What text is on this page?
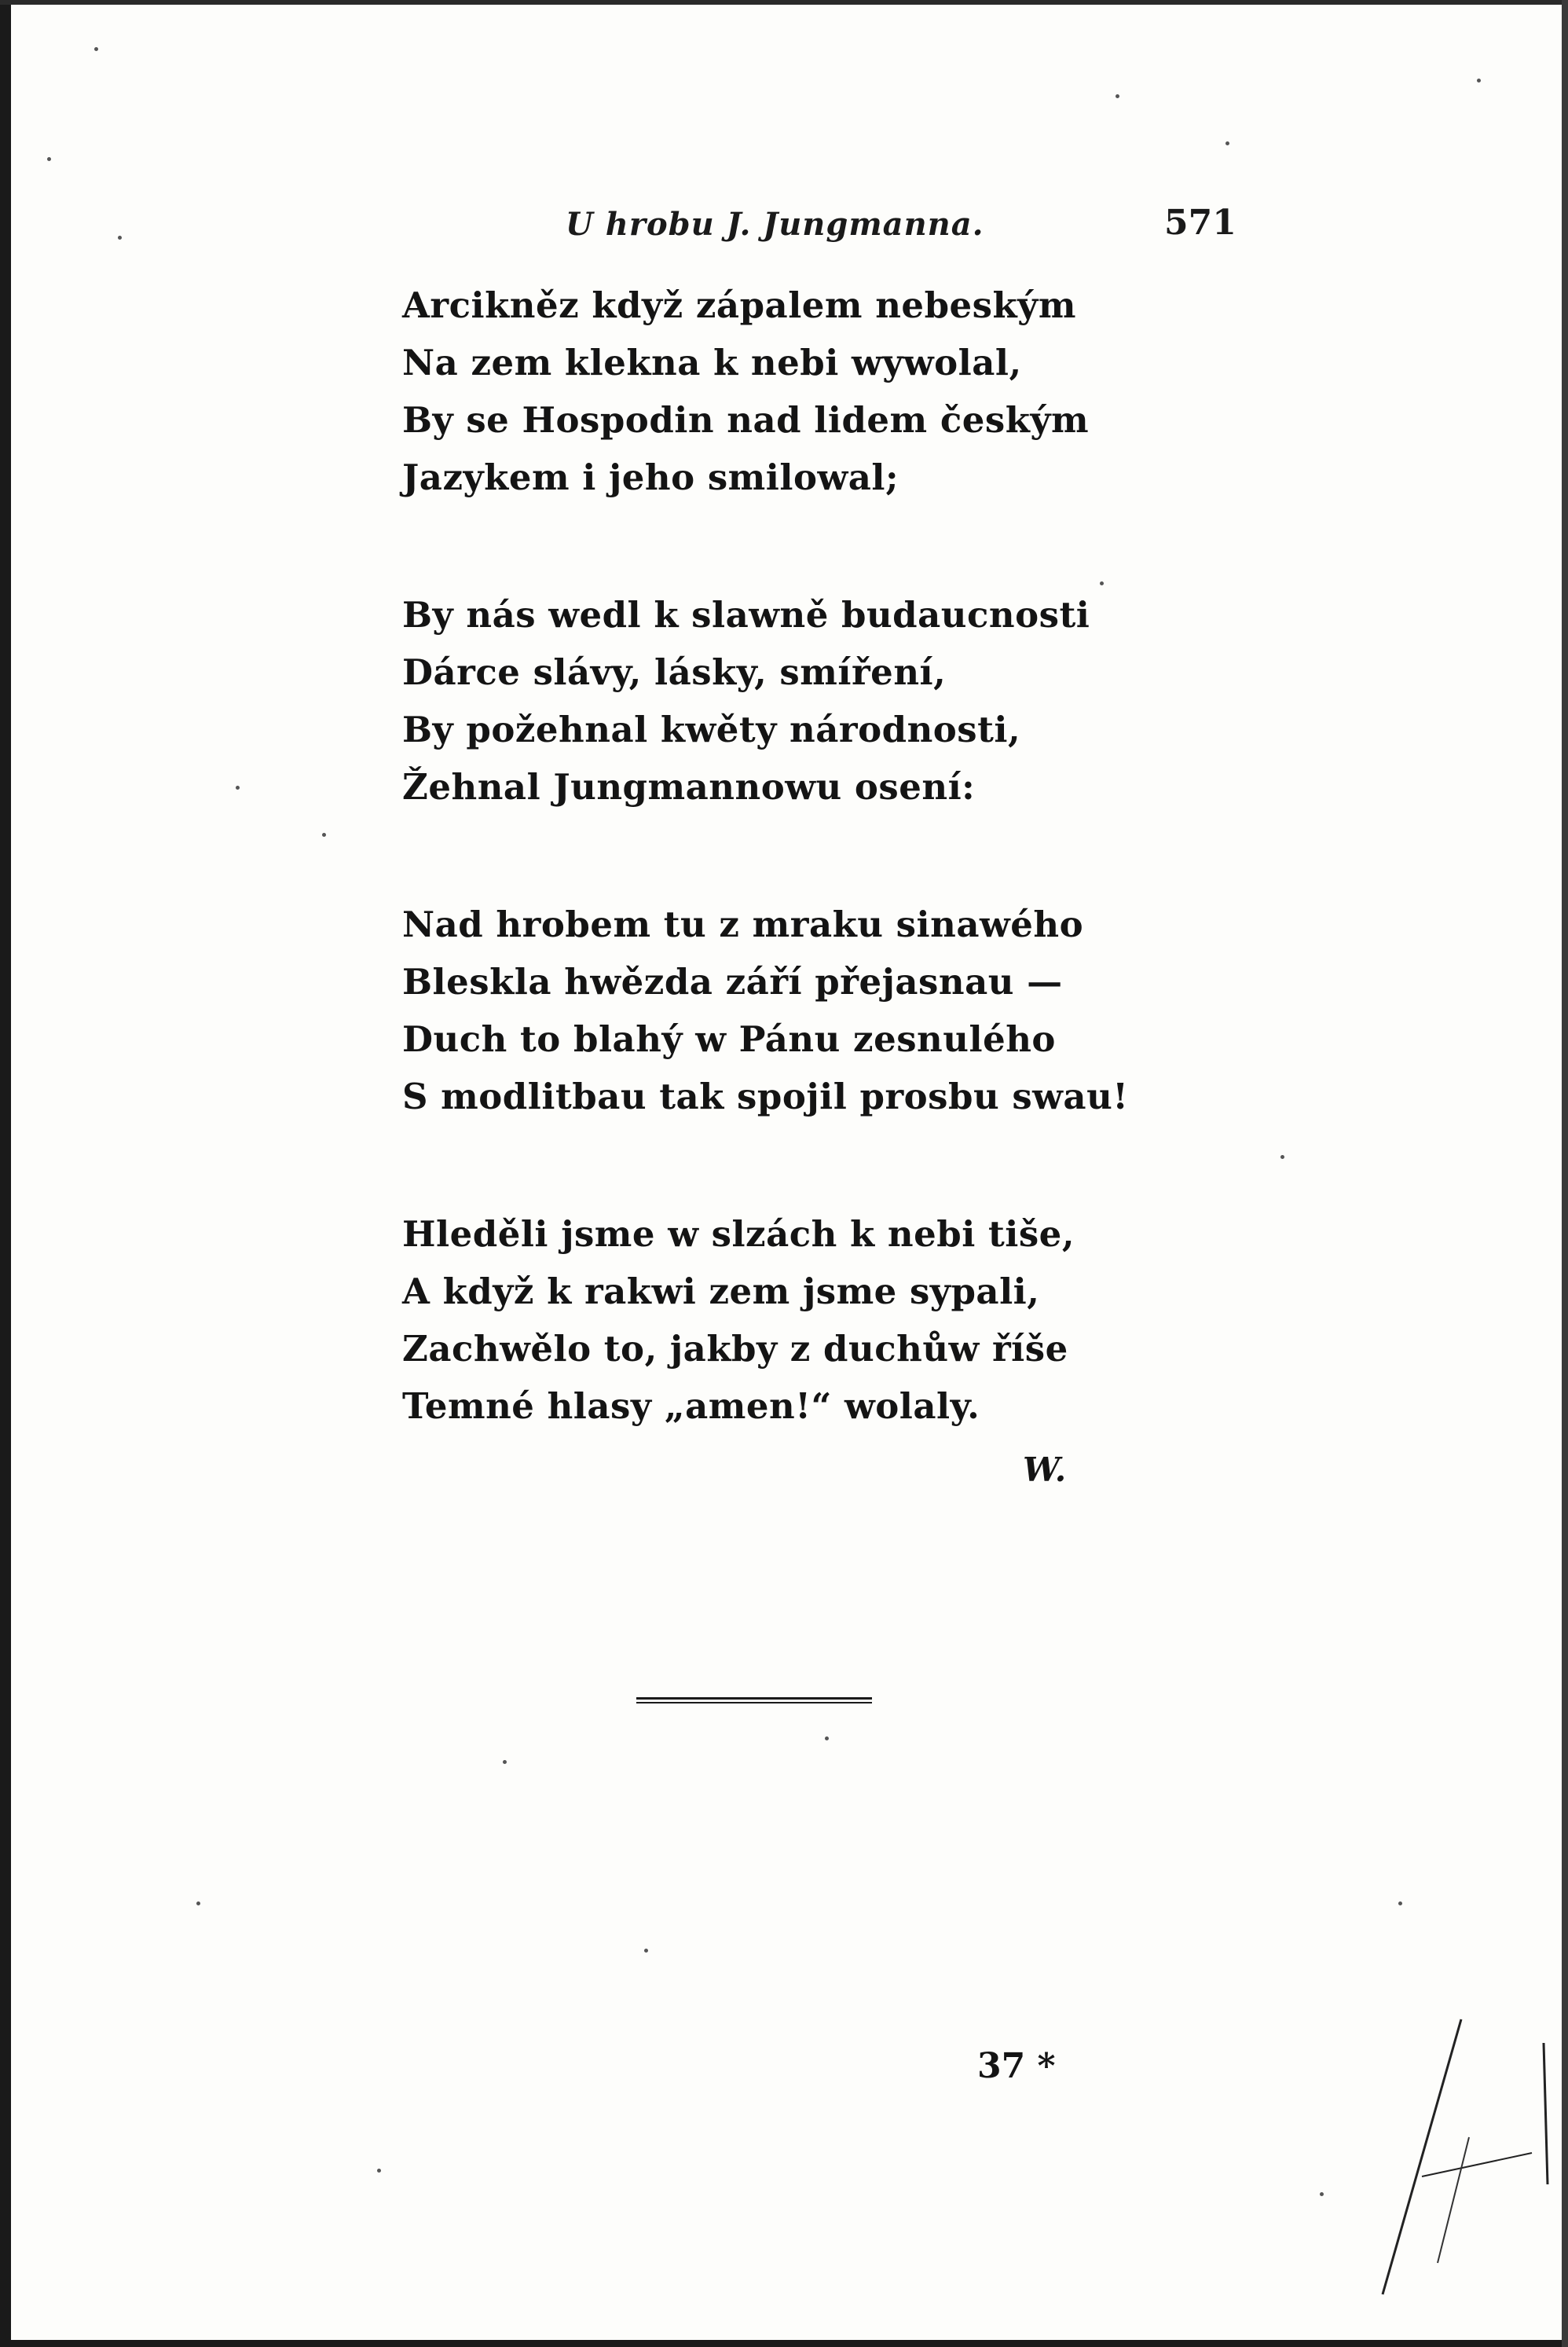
U hrobu J. Jungmanna.	571
Arcikněz když zápalem nebeským
Na zem klekna k nebi wywolal,
By se Hospodin nad lidem českým
Jazykem i jeho smilowal;
By nás wedl k slawně budaucnosti
Dárce slávy, lásky, smíření,
By požehnal kwěty národnosti,
Žehnal Jungmannowu osení:
Nad hrobem tu z mraku sinawého
Bleskla hwězda září přejasnau —
Duch to blahý w Pánu zesnulého
S modlitbau tak spojil prosbu swau!
Hleděli jsme w slzách k nebi tiše,
A když k rakwi zem jsme sypali,
Zachwělo to, jakby z duchůw říše
Temné hlasy „amen!“ wolaly.
W.
37 *
